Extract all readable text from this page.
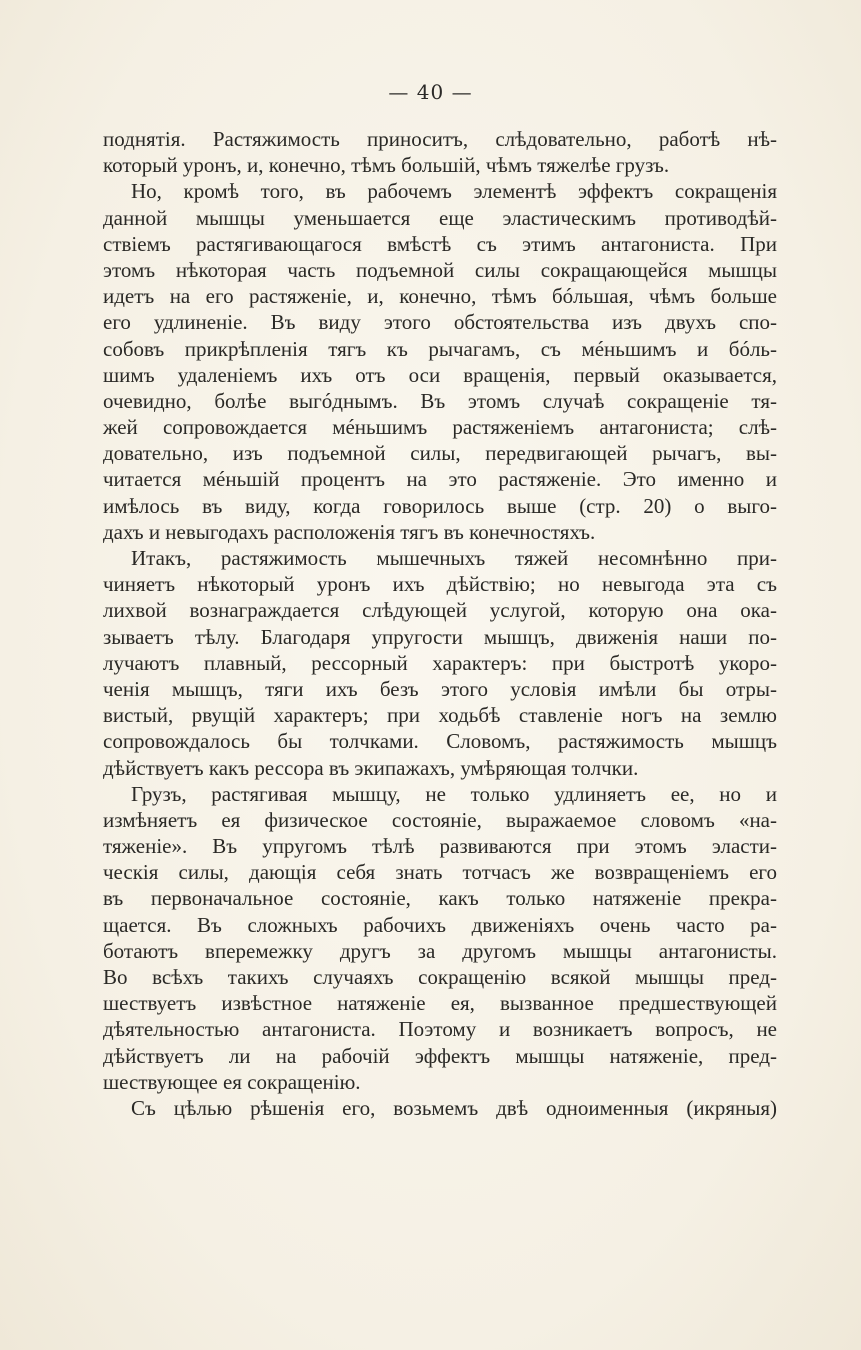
— 40 —
поднятія. Растяжимость приноситъ, слѣдовательно, работѣ нѣ-
который уронъ, и, конечно, тѣмъ большій, чѣмъ тяжелѣе грузъ.
Но, кромѣ того, въ рабочемъ элементѣ эффектъ сокращенія
данной мышцы уменьшается еще эластическимъ противодѣй-
ствіемъ растягивающагося вмѣстѣ съ этимъ антагониста. При
этомъ нѣкоторая часть подъемной силы сокращающейся мышцы
идетъ на его растяженіе, и, конечно, тѣмъ бóльшая, чѣмъ больше
его удлиненіе. Въ виду этого обстоятельства изъ двухъ спо-
собовъ прикрѣпленія тягъ къ рычагамъ, съ мéньшимъ и бóль-
шимъ удаленіемъ ихъ отъ оси вращенія, первый оказывается,
очевидно, болѣе выгóднымъ. Въ этомъ случаѣ сокращеніе тя-
жей сопровождается мéньшимъ растяженіемъ антагониста; слѣ-
довательно, изъ подъемной силы, передвигающей рычагъ, вы-
читается мéньшій процентъ на это растяженіе. Это именно и
имѣлось въ виду, когда говорилось выше (стр. 20) о выго-
дахъ и невыгодахъ расположенія тягъ въ конечностяхъ.
Итакъ, растяжимость мышечныхъ тяжей несомнѣнно при-
чиняетъ нѣкоторый уронъ ихъ дѣйствію; но невыгода эта съ
лихвой вознаграждается слѣдующей услугой, которую она ока-
зываетъ тѣлу. Благодаря упругости мышцъ, движенія наши по-
лучаютъ плавный, рессорный характеръ: при быстротѣ укоро-
ченія мышцъ, тяги ихъ безъ этого условія имѣли бы отры-
вистый, рвущій характеръ; при ходьбѣ ставленіе ногъ на землю
сопровождалось бы толчками. Словомъ, растяжимость мышцъ
дѣйствуетъ какъ рессора въ экипажахъ, умѣряющая толчки.
Грузъ, растягивая мышцу, не только удлиняетъ ее, но и
измѣняетъ ея физическое состояніе, выражаемое словомъ «на-
тяженіе». Въ упругомъ тѣлѣ развиваются при этомъ эласти-
ческія силы, дающія себя знать тотчасъ же возвращеніемъ его
въ первоначальное состояніе, какъ только натяженіе прекра-
щается. Въ сложныхъ рабочихъ движеніяхъ очень часто ра-
ботаютъ вперемежку другъ за другомъ мышцы антагонисты.
Во всѣхъ такихъ случаяхъ сокращенію всякой мышцы пред-
шествуетъ извѣстное натяженіе ея, вызванное предшествующей
дѣятельностью антагониста. Поэтому и возникаетъ вопросъ, не
дѣйствуетъ ли на рабочій эффектъ мышцы натяженіе, пред-
шествующее ея сокращенію.
Съ цѣлью рѣшенія его, возьмемъ двѣ одноименныя (икряныя)
